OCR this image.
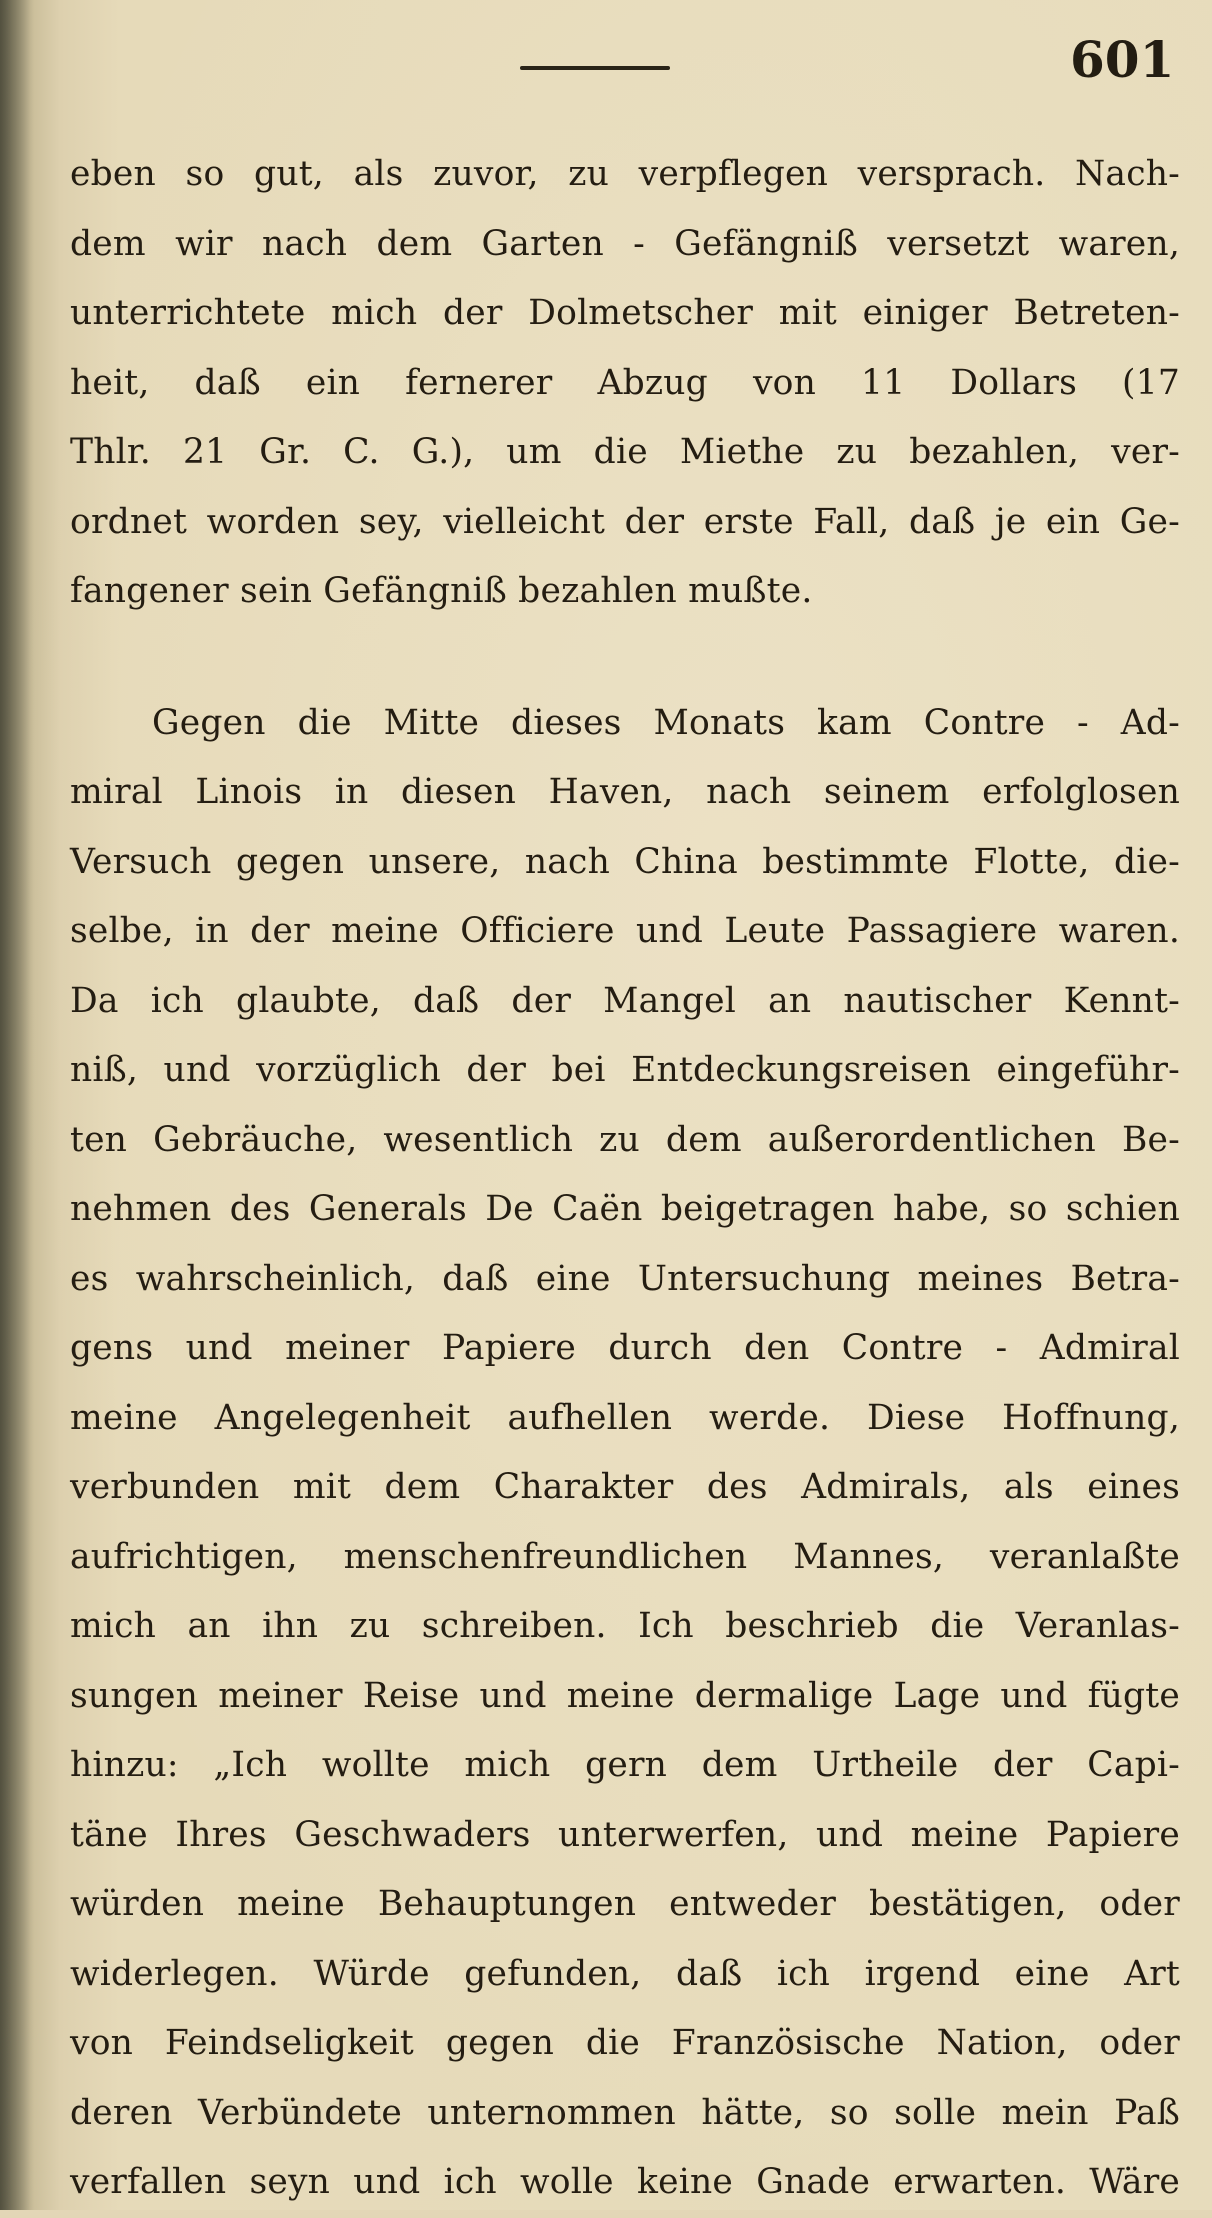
601
eben so gut, als zuvor, zu verpflegen versprach. Nach-
dem wir nach dem Garten - Gefängniß versetzt waren,
unterrichtete mich der Dolmetscher mit einiger Betreten-
heit, daß ein fernerer Abzug von 11 Dollars (17
Thlr. 21 Gr. C. G.), um die Miethe zu bezahlen, ver-
ordnet worden sey, vielleicht der erste Fall, daß je ein Ge-
fangener sein Gefängniß bezahlen mußte.
Gegen die Mitte dieses Monats kam Contre - Ad-
miral Linois in diesen Haven, nach seinem erfolglosen
Versuch gegen unsere, nach China bestimmte Flotte, die-
selbe, in der meine Officiere und Leute Passagiere waren.
Da ich glaubte, daß der Mangel an nautischer Kennt-
niß, und vorzüglich der bei Entdeckungsreisen eingeführ-
ten Gebräuche, wesentlich zu dem außerordentlichen Be-
nehmen des Generals De Caën beigetragen habe, so schien
es wahrscheinlich, daß eine Untersuchung meines Betra-
gens und meiner Papiere durch den Contre - Admiral
meine Angelegenheit aufhellen werde. Diese Hoffnung,
verbunden mit dem Charakter des Admirals, als eines
aufrichtigen, menschenfreundlichen Mannes, veranlaßte
mich an ihn zu schreiben. Ich beschrieb die Veranlas-
sungen meiner Reise und meine dermalige Lage und fügte
hinzu: „Ich wollte mich gern dem Urtheile der Capi-
täne Ihres Geschwaders unterwerfen, und meine Papiere
würden meine Behauptungen entweder bestätigen, oder
widerlegen. Würde gefunden, daß ich irgend eine Art
von Feindseligkeit gegen die Französische Nation, oder
deren Verbündete unternommen hätte, so solle mein Paß
verfallen seyn und ich wolle keine Gnade erwarten. Wäre
